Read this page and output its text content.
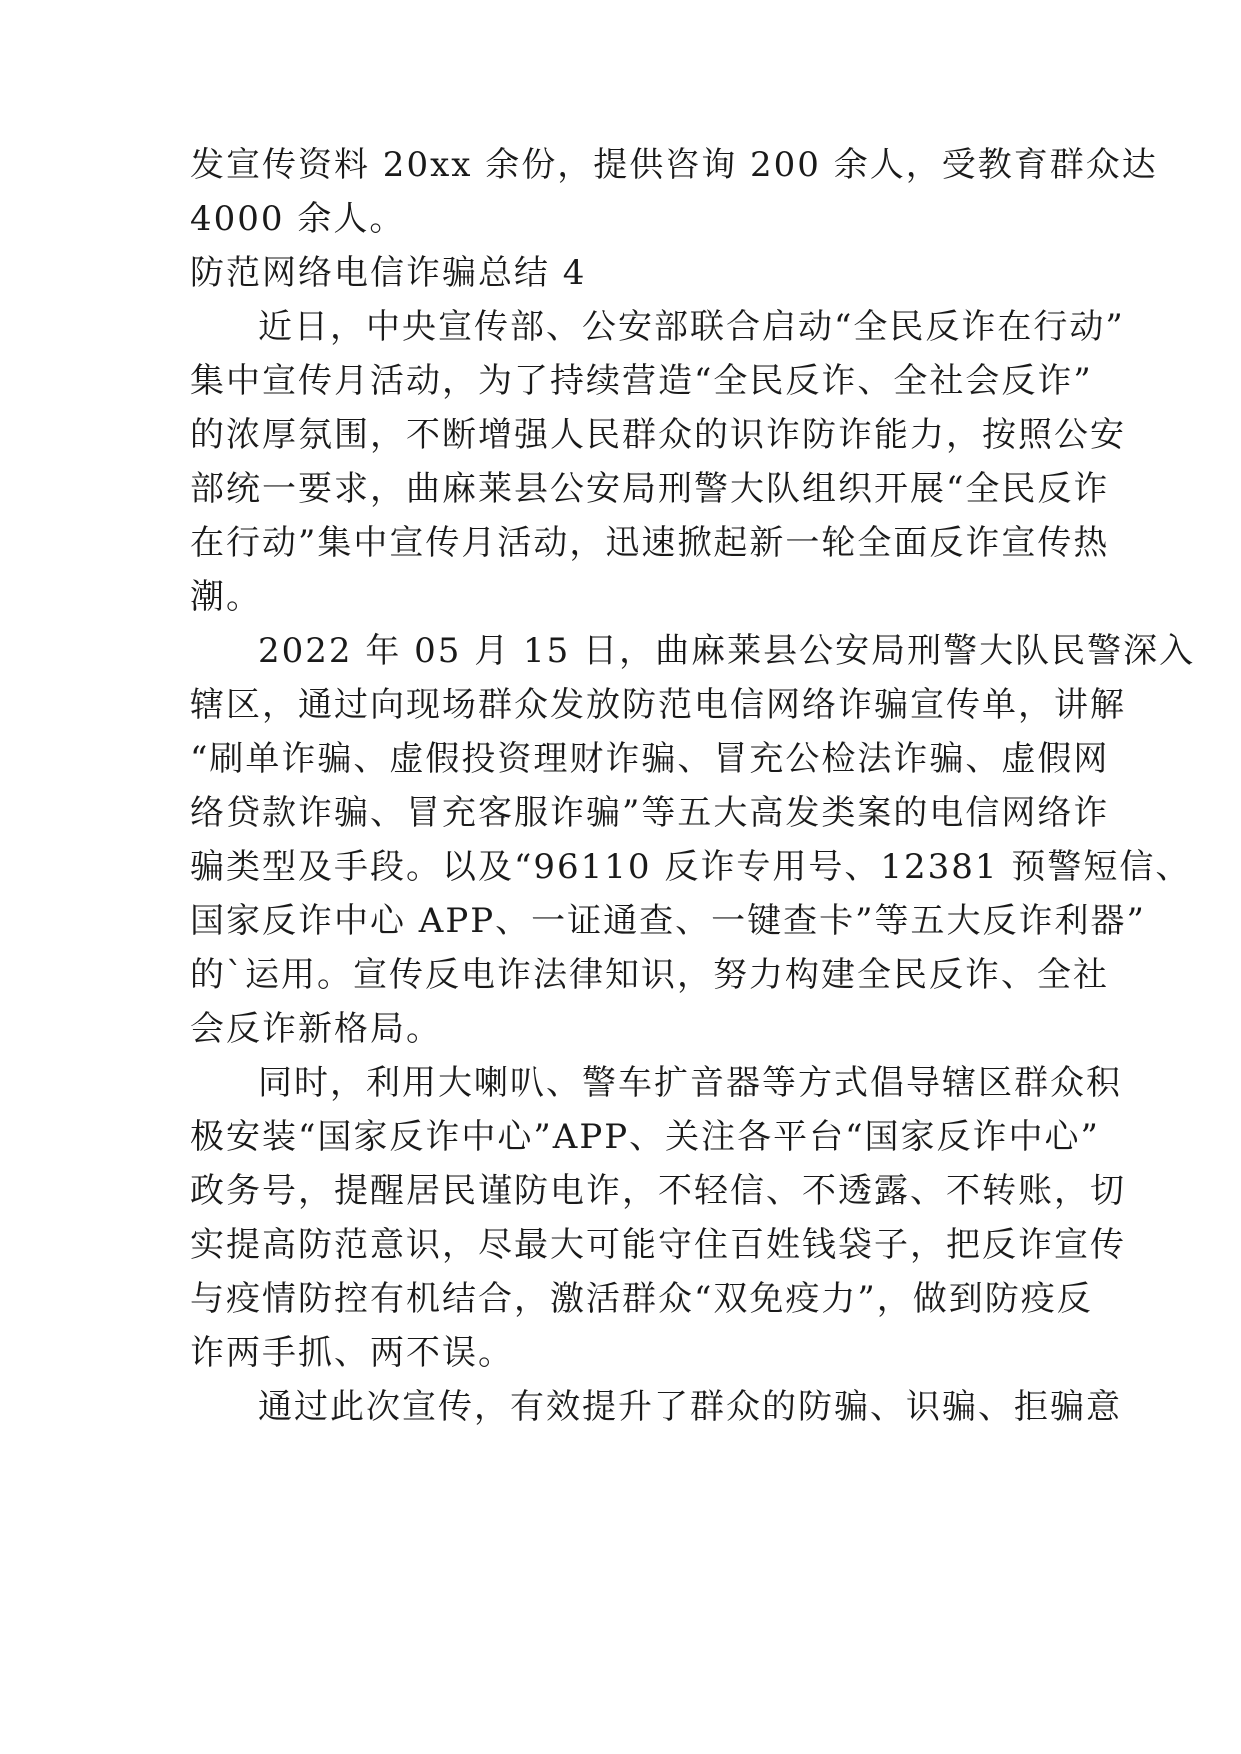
发宣传资料 20xx 余份，提供咨询 200 余人，受教育群众达

4000 余人。

防范网络电信诈骗总结 4

近日，中央宣传部、公安部联合启动“全民反诈在行动”

集中宣传月活动，为了持续营造“全民反诈、全社会反诈”

的浓厚氛围，不断增强人民群众的识诈防诈能力，按照公安

部统一要求，曲麻莱县公安局刑警大队组织开展“全民反诈

在行动”集中宣传月活动，迅速掀起新一轮全面反诈宣传热

潮。

2022 年 05 月 15 日，曲麻莱县公安局刑警大队民警深入

辖区，通过向现场群众发放防范电信网络诈骗宣传单，讲解

“刷单诈骗、虚假投资理财诈骗、冒充公检法诈骗、虚假网

络贷款诈骗、冒充客服诈骗”等五大高发类案的电信网络诈

骗类型及手段。以及“96110 反诈专用号、12381 预警短信、

国家反诈中心 APP、一证通查、一键查卡”等五大反诈利器”

的`运用。宣传反电诈法律知识，努力构建全民反诈、全社

会反诈新格局。

同时，利用大喇叭、警车扩音器等方式倡导辖区群众积

极安装“国家反诈中心”APP、关注各平台“国家反诈中心”

政务号，提醒居民谨防电诈，不轻信、不透露、不转账，切

实提高防范意识，尽最大可能守住百姓钱袋子，把反诈宣传

与疫情防控有机结合，激活群众“双免疫力”，做到防疫反

诈两手抓、两不误。

通过此次宣传，有效提升了群众的防骗、识骗、拒骗意
